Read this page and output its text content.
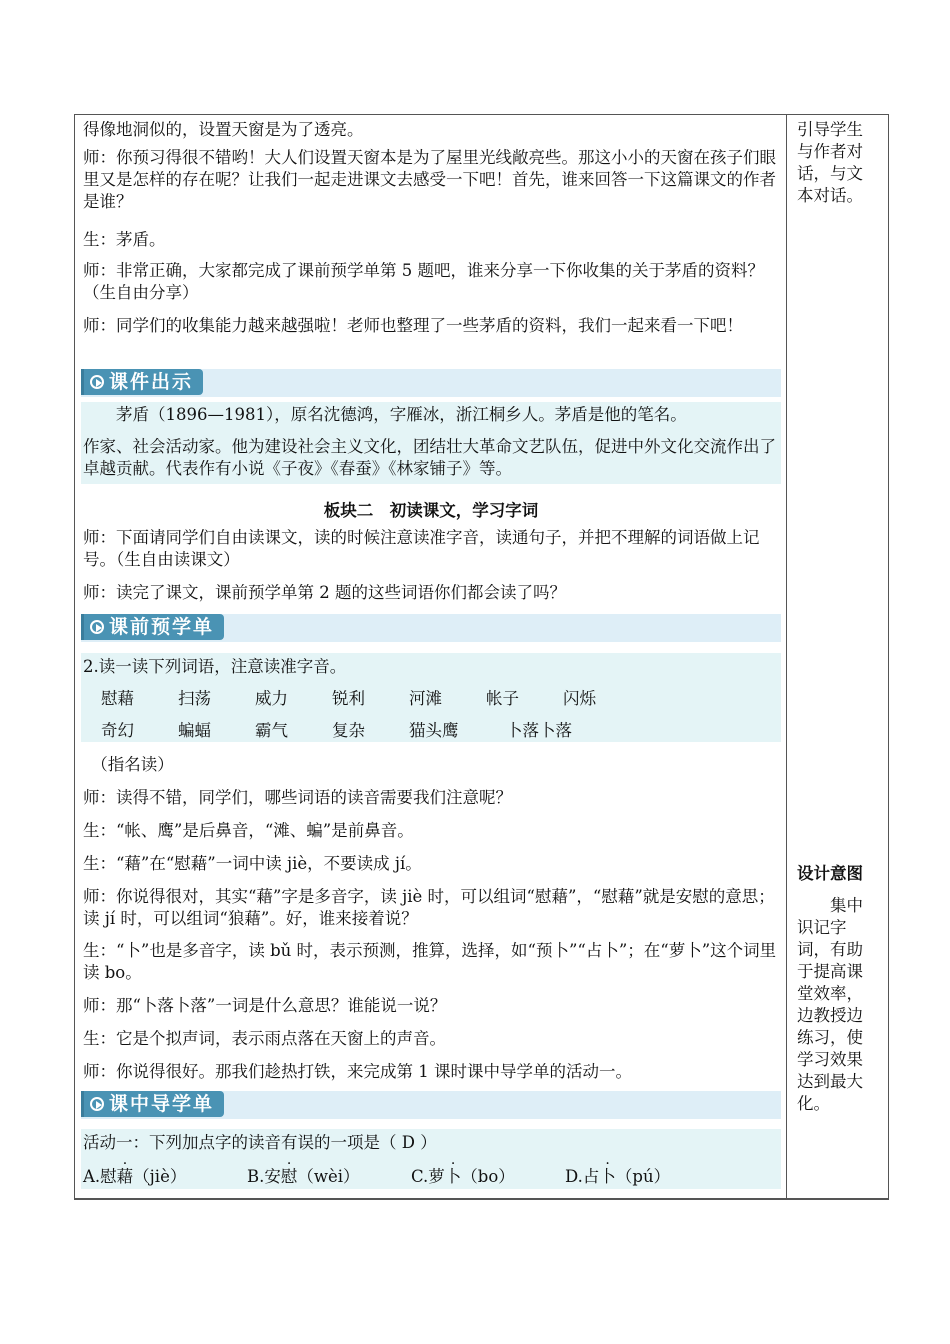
得像地洞似的，设置天窗是为了透亮。

师：你预习得很不错哟！大人们设置天窗本是为了屋里光线敞亮些。那这小小的天窗在孩子们眼里又是怎样的存在呢？让我们一起走进课文去感受一下吧！首先，谁来回答一下这篇课文的作者是谁？

生：茅盾。

师：非常正确，大家都完成了课前预学单第 5 题吧，谁来分享一下你收集的关于茅盾的资料？（生自由分享）

师：同学们的收集能力越来越强啦！老师也整理了一些茅盾的资料，我们一起来看一下吧！

课件出示

　　茅盾（1896—1981），原名沈德鸿，字雁冰，浙江桐乡人。茅盾是他的笔名。

作家、社会活动家。他为建设社会主义文化，团结壮大革命文艺队伍，促进中外文化交流作出了卓越贡献。代表作有小说《子夜》《春蚕》《林家铺子》等。

板块二　初读课文，学习字词

师：下面请同学们自由读课文，读的时候注意读准字音，读通句子，并把不理解的词语做上记号。（生自由读课文）

师：读完了课文，课前预学单第 2 题的这些词语你们都会读了吗？

课前预学单
2.读一读下列词语，注意读准字音。
慰藉	扫荡	威力	锐利	河滩	帐子	闪烁
奇幻	蝙蝠	霸气	复杂	猫头鹰	卜落卜落

　（指名读）

师：读得不错，同学们，哪些词语的读音需要我们注意呢？

生：“帐、鹰”是后鼻音，“滩、蝙”是前鼻音。

生：“藉”在“慰藉”一词中读 jiè，不要读成 jí。

师：你说得很对，其实“藉”字是多音字，读 jiè 时，可以组词“慰藉”，“慰藉”就是安慰的意思；读 jí 时，可以组词“狼藉”。好，谁来接着说？

生：“卜”也是多音字，读 bǔ 时，表示预测，推算，选择，如“预卜”“占卜”；在“萝卜”这个词里读 bo。

师：那“卜落卜落”一词是什么意思？谁能说一说？

生：它是个拟声词，表示雨点落在天窗上的声音。

师：你说得很好。那我们趁热打铁，来完成第 1 课时课中导学单的活动一。

课中导学单
活动一：下列加点字的读音有误的一项是（ D ）
A.慰藉（jiè）	B.安慰（wèi）	C.萝卜（bo）	D.占卜（pú）
引导学生与作者对话，与文本对话。
设计意图
　　集中识记字词，有助于提高课堂效率，边教授边练习，使学习效果达到最大化。
